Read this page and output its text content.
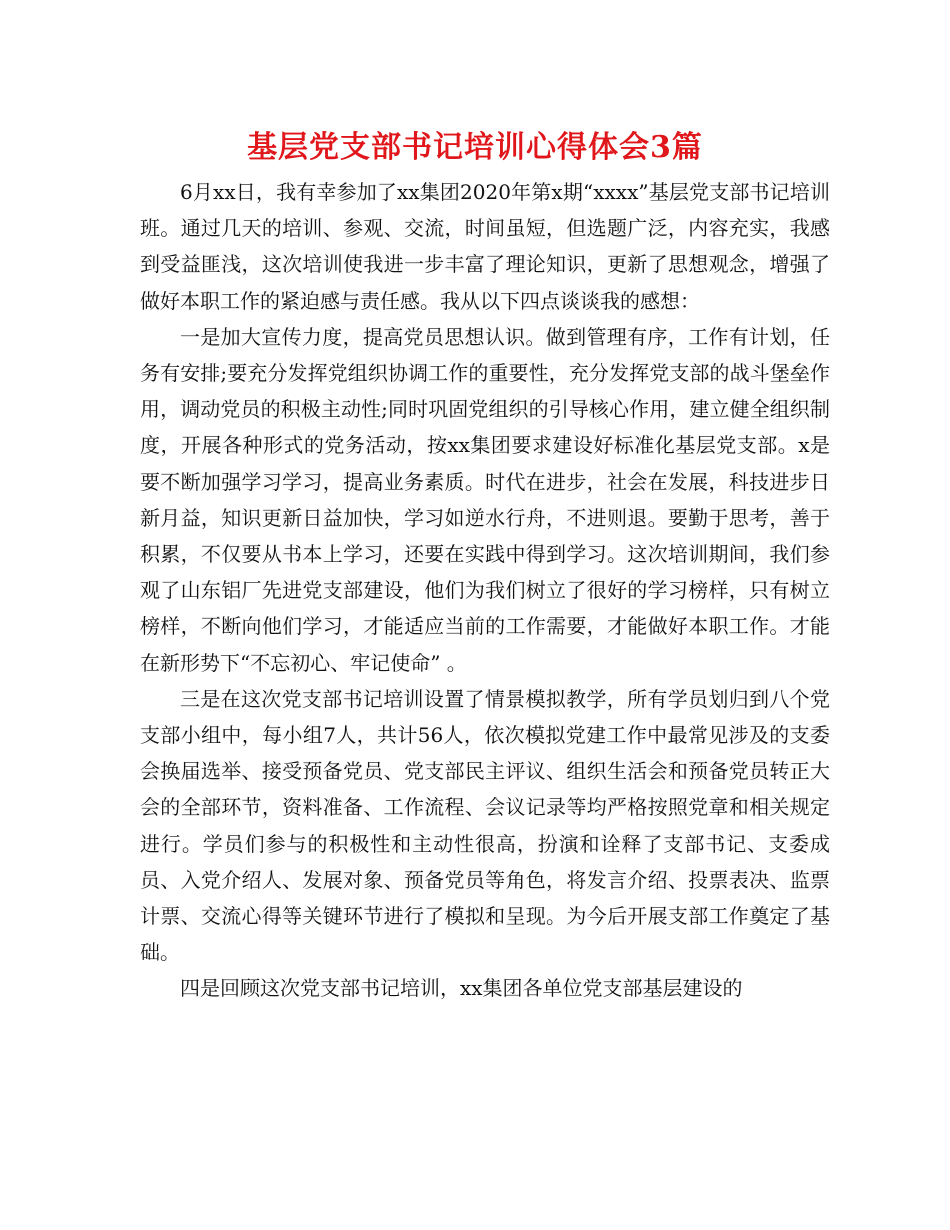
基层党支部书记培训心得体会3篇

6月xx日，我有幸参加了xx集团2020年第x期“xxxx”基层党支部书记培训班。通过几天的培训、参观、交流，时间虽短，但选题广泛，内容充实，我感到受益匪浅，这次培训使我进一步丰富了理论知识，更新了思想观念，增强了做好本职工作的紧迫感与责任感。我从以下四点谈谈我的感想：

一是加大宣传力度，提高党员思想认识。做到管理有序，工作有计划，任务有安排;要充分发挥党组织协调工作的重要性，充分发挥党支部的战斗堡垒作用，调动党员的积极主动性;同时巩固党组织的引导核心作用，建立健全组织制度，开展各种形式的党务活动，按xx集团要求建设好标准化基层党支部。x是要不断加强学习学习，提高业务素质。时代在进步，社会在发展，科技进步日新月益，知识更新日益加快，学习如逆水行舟，不进则退。要勤于思考，善于积累，不仅要从书本上学习，还要在实践中得到学习。这次培训期间，我们参观了山东铝厂先进党支部建设，他们为我们树立了很好的学习榜样，只有树立榜样，不断向他们学习，才能适应当前的工作需要，才能做好本职工作。才能在新形势下“不忘初心、牢记使命” 。

三是在这次党支部书记培训设置了情景模拟教学，所有学员划归到八个党支部小组中，每小组7人，共计56人，依次模拟党建工作中最常见涉及的支委会换届选举、接受预备党员、党支部民主评议、组织生活会和预备党员转正大会的全部环节，资料准备、工作流程、会议记录等均严格按照党章和相关规定进行。学员们参与的积极性和主动性很高，扮演和诠释了支部书记、支委成员、入党介绍人、发展对象、预备党员等角色，将发言介绍、投票表决、监票计票、交流心得等关键环节进行了模拟和呈现。为今后开展支部工作奠定了基础。

四是回顾这次党支部书记培训，xx集团各单位党支部基层建设的
